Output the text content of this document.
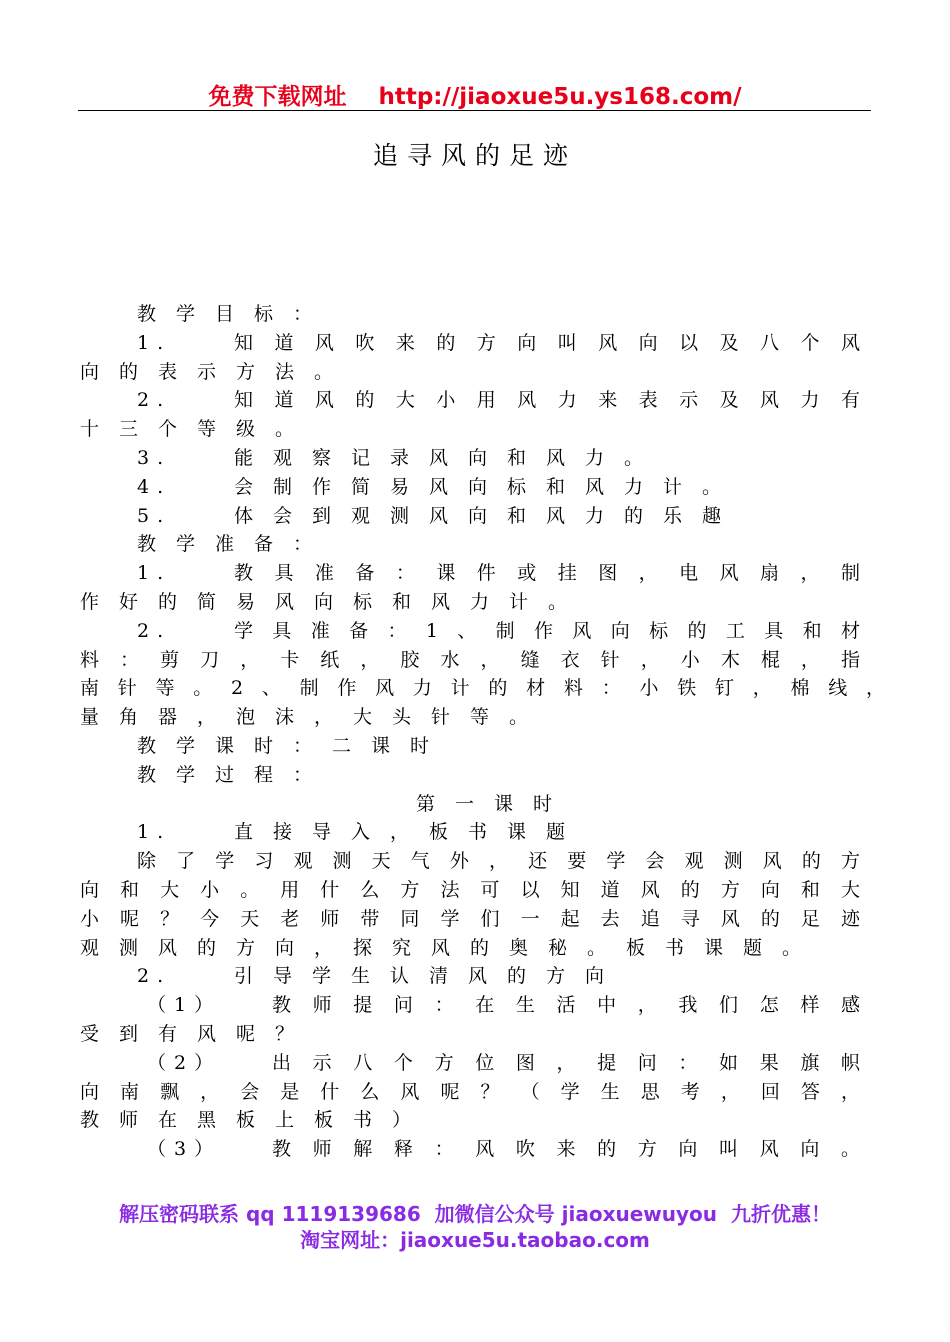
免费下载网址    http://jiaoxue5u.ys168.com/
追寻风的足迹
教学目标：
1.	知道风吹来的方向叫风向以及八个风
向的表示方法。
2.	知道风的大小用风力来表示及风力有
十三个等级。
3.	能观察记录风向和风力。
4.	会制作简易风向标和风力计。
5.	体会到观测风向和风力的乐趣
教学准备：
1.	教具准备：课件或挂图，电风扇，制
作好的简易风向标和风力计。
2.	学具准备：1、制作风向标的工具和材
料：剪刀，卡纸，胶水，缝衣针，小木棍，指
南针等。2、制作风力计的材料：小铁钉，棉线，
量角器，泡沫，大头针等。
教学课时：二课时
教学过程：
第一课时
1.	直接导入，板书课题
除了学习观测天气外，还要学会观测风的方
向和大小。用什么方法可以知道风的方向和大
小呢？今天老师带同学们一起去追寻风的足迹
观测风的方向，探究风的奥秘。板书课题。
2.	引导学生认清风的方向
（1）	教师提问：在生活中，我们怎样感
受到有风呢？
（2）	出示八个方位图，提问：如果旗帜
向南飘，会是什么风呢？（学生思考，回答，
教师在黑板上板书）
（3）	教师解释：风吹来的方向叫风向。
解压密码联系 qq 1119139686  加微信公众号 jiaoxuewuyou  九折优惠！
淘宝网址：jiaoxue5u.taobao.com
